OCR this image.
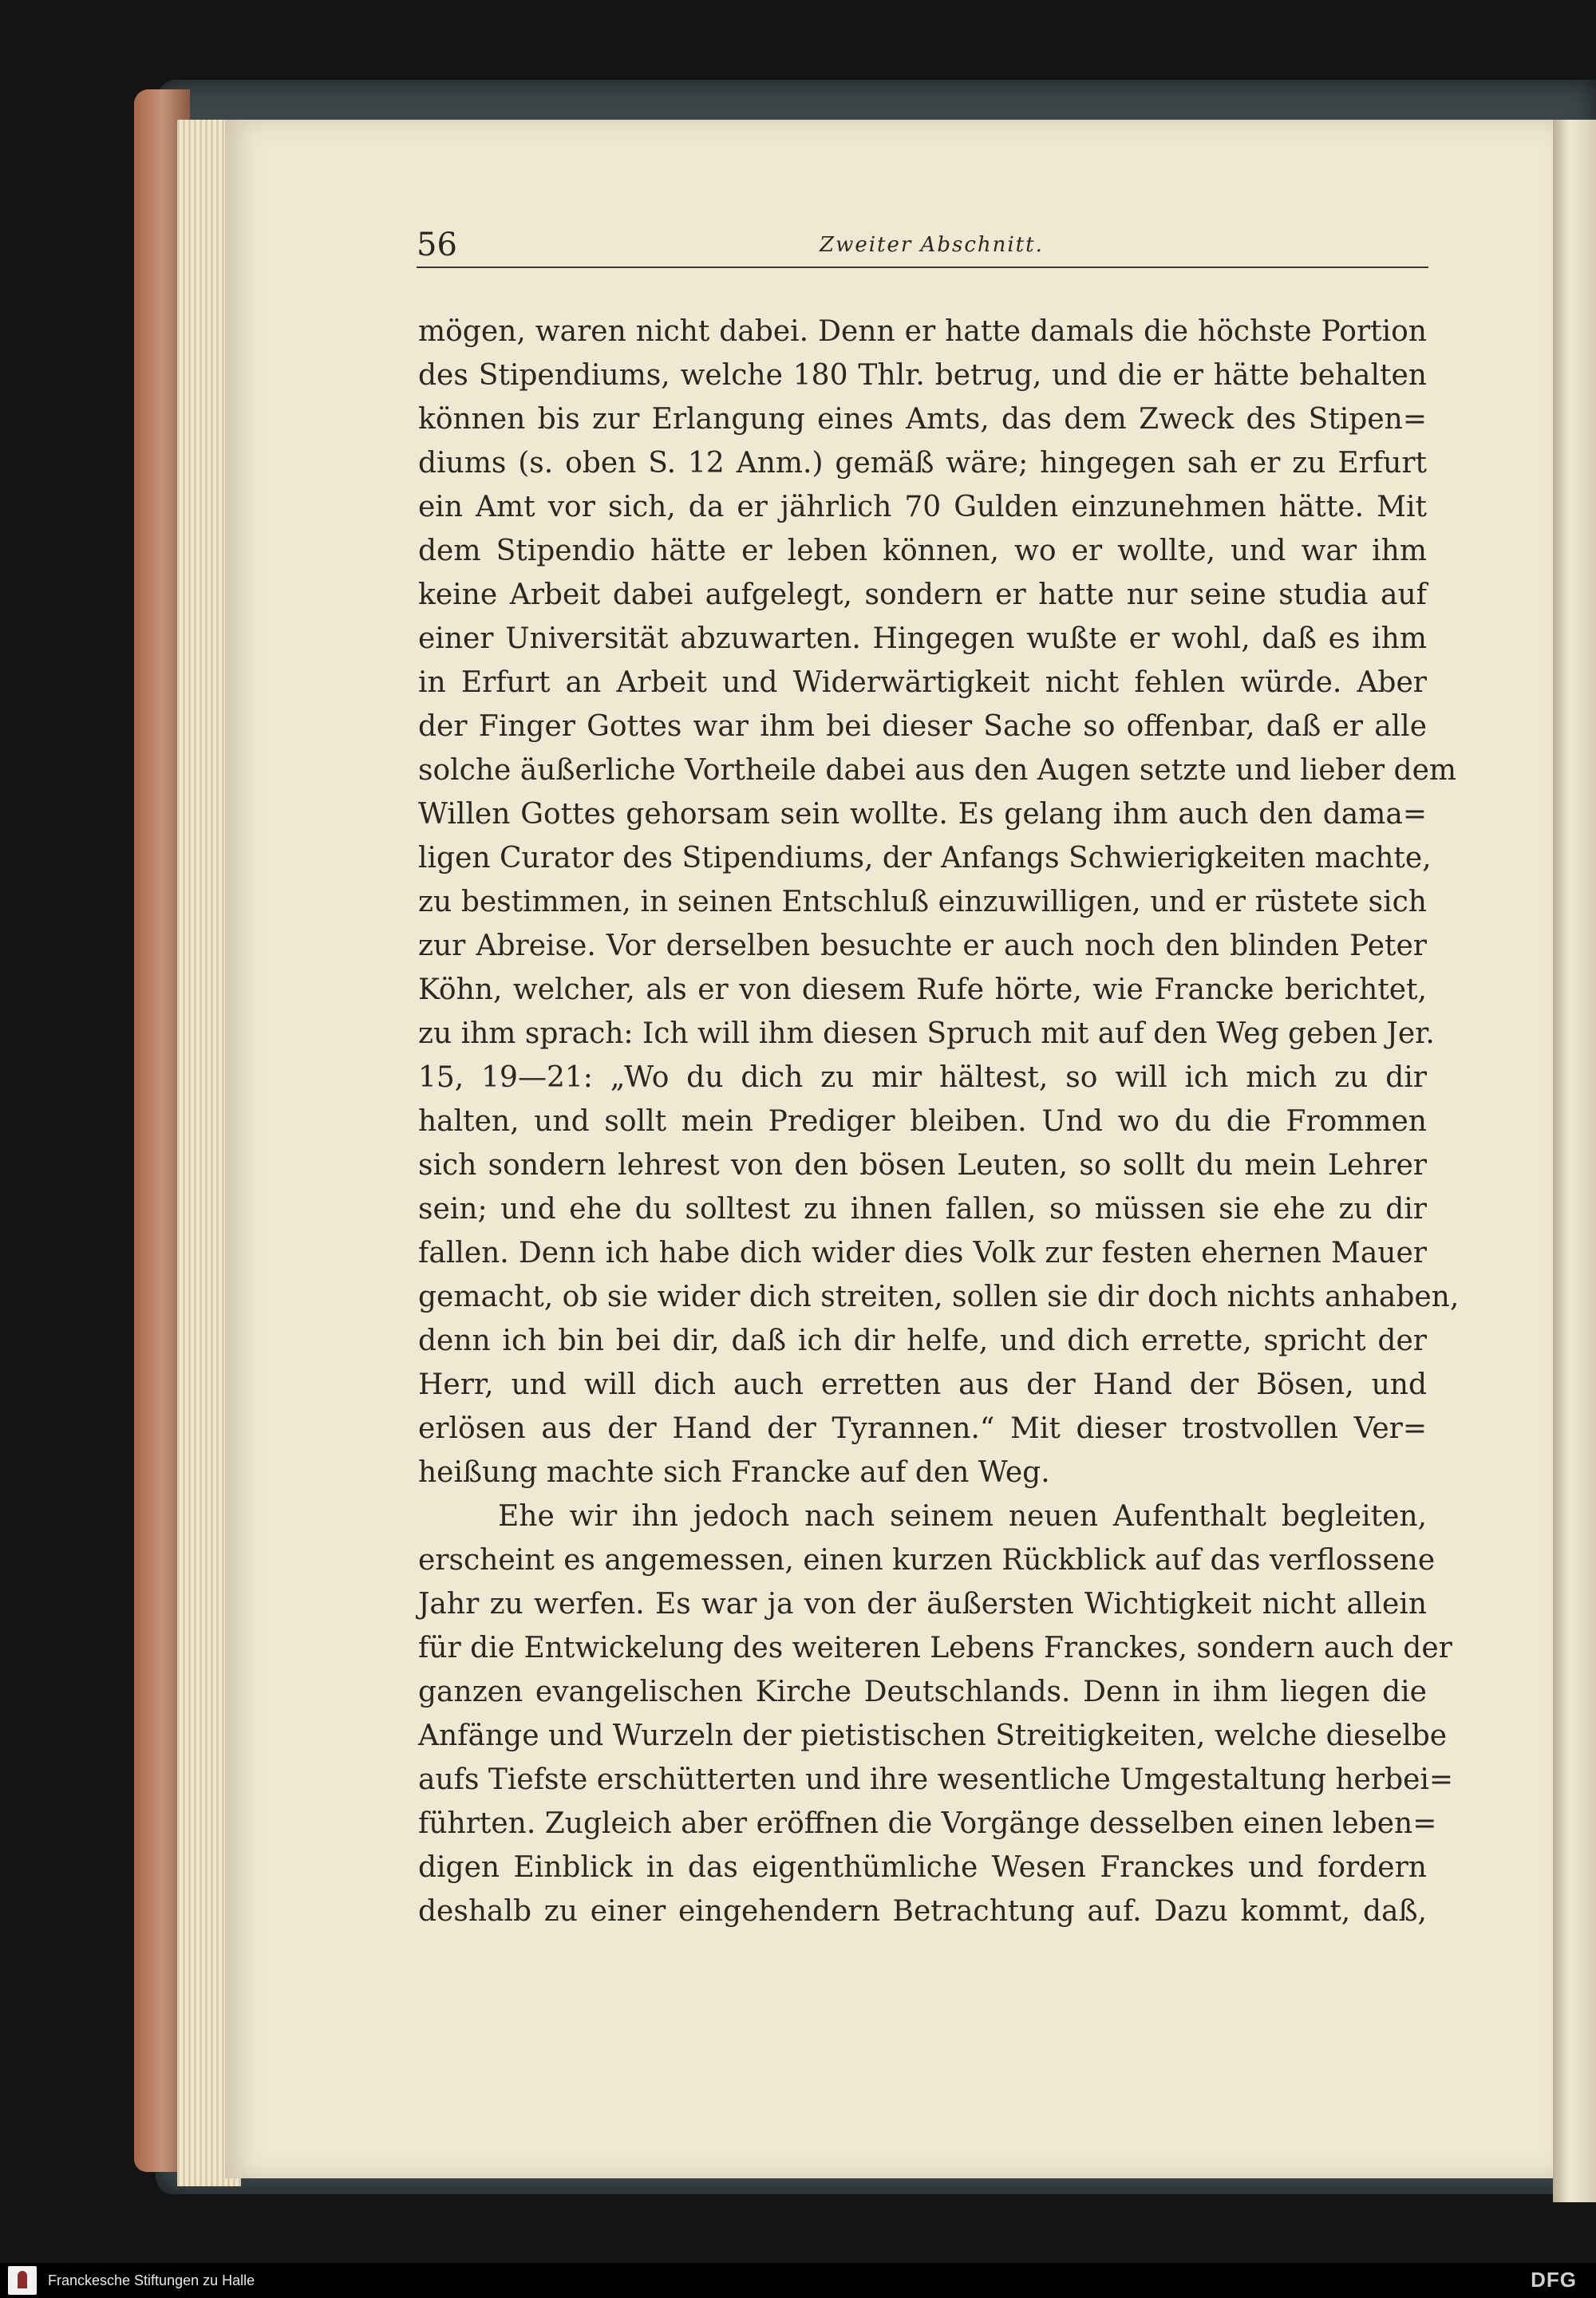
56	Zweiter Abschnitt.
mögen, waren nicht dabei. Denn er hatte damals die höchste Portion
des Stipendiums, welche 180 Thlr. betrug, und die er hätte behalten
können bis zur Erlangung eines Amts, das dem Zweck des Stipen=
diums (s. oben S. 12 Anm.) gemäß wäre; hingegen sah er zu Erfurt
ein Amt vor sich, da er jährlich 70 Gulden einzunehmen hätte. Mit
dem Stipendio hätte er leben können, wo er wollte, und war ihm
keine Arbeit dabei aufgelegt, sondern er hatte nur seine studia auf
einer Universität abzuwarten. Hingegen wußte er wohl, daß es ihm
in Erfurt an Arbeit und Widerwärtigkeit nicht fehlen würde. Aber
der Finger Gottes war ihm bei dieser Sache so offenbar, daß er alle
solche äußerliche Vortheile dabei aus den Augen setzte und lieber dem
Willen Gottes gehorsam sein wollte. Es gelang ihm auch den dama=
ligen Curator des Stipendiums, der Anfangs Schwierigkeiten machte,
zu bestimmen, in seinen Entschluß einzuwilligen, und er rüstete sich
zur Abreise. Vor derselben besuchte er auch noch den blinden Peter
Köhn, welcher, als er von diesem Rufe hörte, wie Francke berichtet,
zu ihm sprach: Ich will ihm diesen Spruch mit auf den Weg geben Jer.
15, 19—21: „Wo du dich zu mir hältest, so will ich mich zu dir
halten, und sollt mein Prediger bleiben. Und wo du die Frommen
sich sondern lehrest von den bösen Leuten, so sollt du mein Lehrer
sein; und ehe du solltest zu ihnen fallen, so müssen sie ehe zu dir
fallen. Denn ich habe dich wider dies Volk zur festen ehernen Mauer
gemacht, ob sie wider dich streiten, sollen sie dir doch nichts anhaben,
denn ich bin bei dir, daß ich dir helfe, und dich errette, spricht der
Herr, und will dich auch erretten aus der Hand der Bösen, und
erlösen aus der Hand der Tyrannen.“ Mit dieser trostvollen Ver=
heißung machte sich Francke auf den Weg.
Ehe wir ihn jedoch nach seinem neuen Aufenthalt begleiten,
erscheint es angemessen, einen kurzen Rückblick auf das verflossene
Jahr zu werfen. Es war ja von der äußersten Wichtigkeit nicht allein
für die Entwickelung des weiteren Lebens Franckes, sondern auch der
ganzen evangelischen Kirche Deutschlands. Denn in ihm liegen die
Anfänge und Wurzeln der pietistischen Streitigkeiten, welche dieselbe
aufs Tiefste erschütterten und ihre wesentliche Umgestaltung herbei=
führten. Zugleich aber eröffnen die Vorgänge desselben einen leben=
digen Einblick in das eigenthümliche Wesen Franckes und fordern
deshalb zu einer eingehendern Betrachtung auf. Dazu kommt, daß,
Franckesche Stiftungen zu Halle	DFG
